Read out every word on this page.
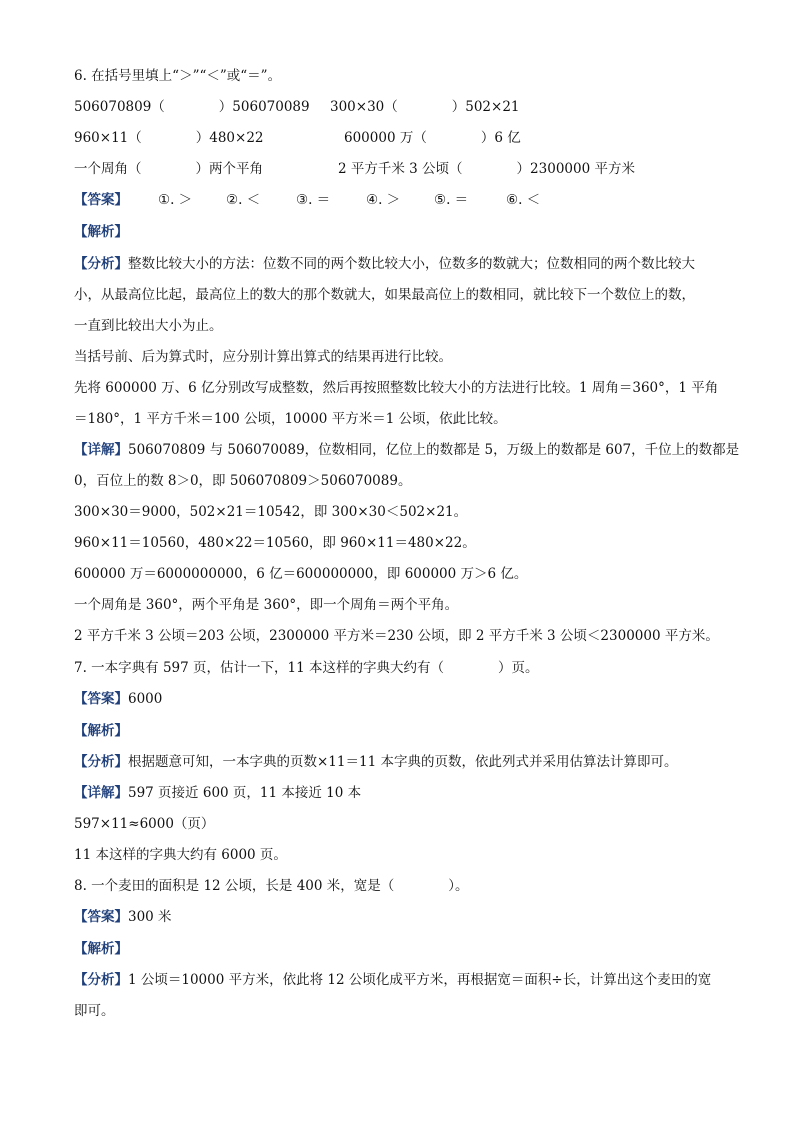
6. 在括号里填上“＞”“＜”或“＝”。
506070809（　　　　）506070089 300×30（　　　　）502×21
960×11（　　　　）480×22	600000 万（　　　　）6 亿
一个周角（　　　　）两个平角	2 平方千米 3 公顷（　　　　）2300000 平方米
【答案】 ①. ＞	②. ＜	③. ＝	④. ＞	⑤. ＝	⑥. ＜
【解析】
【分析】整数比较大小的方法：位数不同的两个数比较大小，位数多的数就大；位数相同的两个数比较大
小，从最高位比起，最高位上的数大的那个数就大，如果最高位上的数相同，就比较下一个数位上的数，
一直到比较出大小为止。
当括号前、后为算式时，应分别计算出算式的结果再进行比较。
先将 600000 万、6 亿分别改写成整数，然后再按照整数比较大小的方法进行比较。1 周角＝360°，1 平角
＝180°，1 平方千米＝100 公顷，10000 平方米＝1 公顷，依此比较。
【详解】506070809 与 506070089，位数相同，亿位上的数都是 5，万级上的数都是 607，千位上的数都是
0，百位上的数 8＞0，即 506070809＞506070089。
300×30＝9000，502×21＝10542，即 300×30＜502×21。
960×11＝10560，480×22＝10560，即 960×11＝480×22。
600000 万＝6000000000，6 亿＝600000000，即 600000 万＞6 亿。
一个周角是 360°，两个平角是 360°，即一个周角＝两个平角。
2 平方千米 3 公顷＝203 公顷，2300000 平方米＝230 公顷，即 2 平方千米 3 公顷＜2300000 平方米。
7. 一本字典有 597 页，估计一下，11 本这样的字典大约有（　　　　）页。
【答案】6000
【解析】
【分析】根据题意可知，一本字典的页数×11＝11 本字典的页数，依此列式并采用估算法计算即可。
【详解】597 页接近 600 页，11 本接近 10 本
597×11≈6000（页）
11 本这样的字典大约有 6000 页。
8. 一个麦田的面积是 12 公顷，长是 400 米，宽是（　　　　）。
【答案】300 米
【解析】
【分析】1 公顷＝10000 平方米，依此将 12 公顷化成平方米，再根据宽＝面积÷长，计算出这个麦田的宽
即可。
